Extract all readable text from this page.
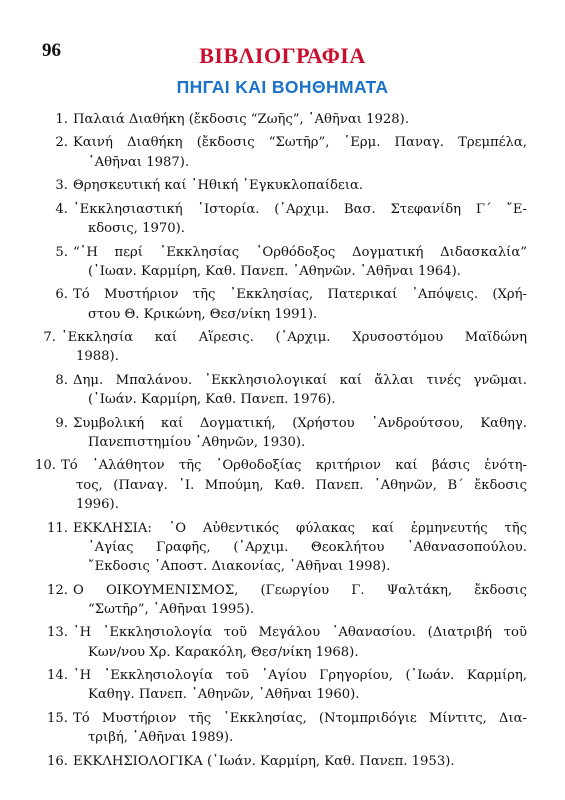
96	ΒΙΒΛΙΟΓΡΑΦΙΑ
ΠΗΓΑΙ ΚΑΙ ΒΟΗΘΗΜΑΤΑ
1. Παλαιά Διαθήκη (ἔκδοσις “Ζωῆς”, ᾿Αθῆναι 1928).
2. Καινή Διαθήκη (ἔκδοσις “Σωτῆρ”, ῾Ερμ. Παναγ. Τρεμπέλα,
᾿Αθῆναι 1987).
3. Θρησκευτική καί ᾿Ηθική ᾿Εγκυκλοπαίδεια.
4. ᾿Εκκλησιαστική ῾Ιστορία. (᾿Αρχιμ. Βασ. Στεφανίδη Γ΄ ῎Ε-
κδοσις, 1970).
5. “῾Η περί ᾿Εκκλησίας ᾿Ορθόδοξος Δογματική Διδασκαλία”
(᾿Ιωαν. Καρμίρη, Καθ. Πανεπ. ᾿Αθηνῶν. ᾿Αθῆναι 1964).
6. Τό Μυστήριον τῆς ᾿Εκκλησίας, Πατερικαί ᾿Απόψεις. (Χρή-
στου Θ. Κρικώνη, Θεσ/νίκη 1991).
7. ᾿Εκκλησία καί Αἵρεσις. (᾿Αρχιμ. Χρυσοστόμου Μαϊδώνη
1988).
8. Δημ. Μπαλάνου. ᾿Εκκλησιολογικαί καί ἄλλαι τινές γνῶμαι.
(᾿Ιωάν. Καρμίρη, Καθ. Πανεπ. 1976).
9. Συμβολική καί Δογματική, (Χρήστου ᾿Ανδρούτσου, Καθηγ.
Πανεπιστημίου ᾿Αθηνῶν, 1930).
10. Τό ᾿Αλάθητον τῆς ᾿Ορθοδοξίας κριτήριον καί βάσις ἑνότη-
τος, (Παναγ. ᾿Ι. Μπούμη, Καθ. Πανεπ. ᾿Αθηνῶν, Β΄ ἔκδοσις
1996).
11. ΕΚΚΛΗΣΙΑ: ῾Ο Αὐθεντικός φύλακας καί ἑρμηνευτής τῆς
῾Αγίας Γραφῆς, (᾿Αρχιμ. Θεοκλήτου ᾿Αθανασοπούλου.
῎Εκδοσις ᾿Αποστ. Διακονίας, ᾿Αθῆναι 1998).
12. Ο ΟΙΚΟΥΜΕΝΙΣΜΟΣ, (Γεωργίου Γ. Ψαλτάκη, ἔκδοσις
“Σωτῆρ”, ᾿Αθῆναι 1995).
13. ῾Η ᾿Εκκλησιολογία τοῦ Μεγάλου ᾿Αθανασίου. (Διατριβή τοῦ
Κων/νου Χρ. Καρακόλη, Θεσ/νίκη 1968).
14. ῾Η ᾿Εκκλησιολογία τοῦ ῾Αγίου Γρηγορίου, (᾿Ιωάν. Καρμίρη,
Καθηγ. Πανεπ. ᾿Αθηνῶν, ᾿Αθῆναι 1960).
15. Τό Μυστήριον τῆς ᾿Εκκλησίας, (Ντομπριδόγιε Μίντιτς, Δια-
τριβή, ᾿Αθῆναι 1989).
16. ΕΚΚΛΗΣΙΟΛΟΓΙΚΑ (᾿Ιωάν. Καρμίρη, Καθ. Πανεπ. 1953).
